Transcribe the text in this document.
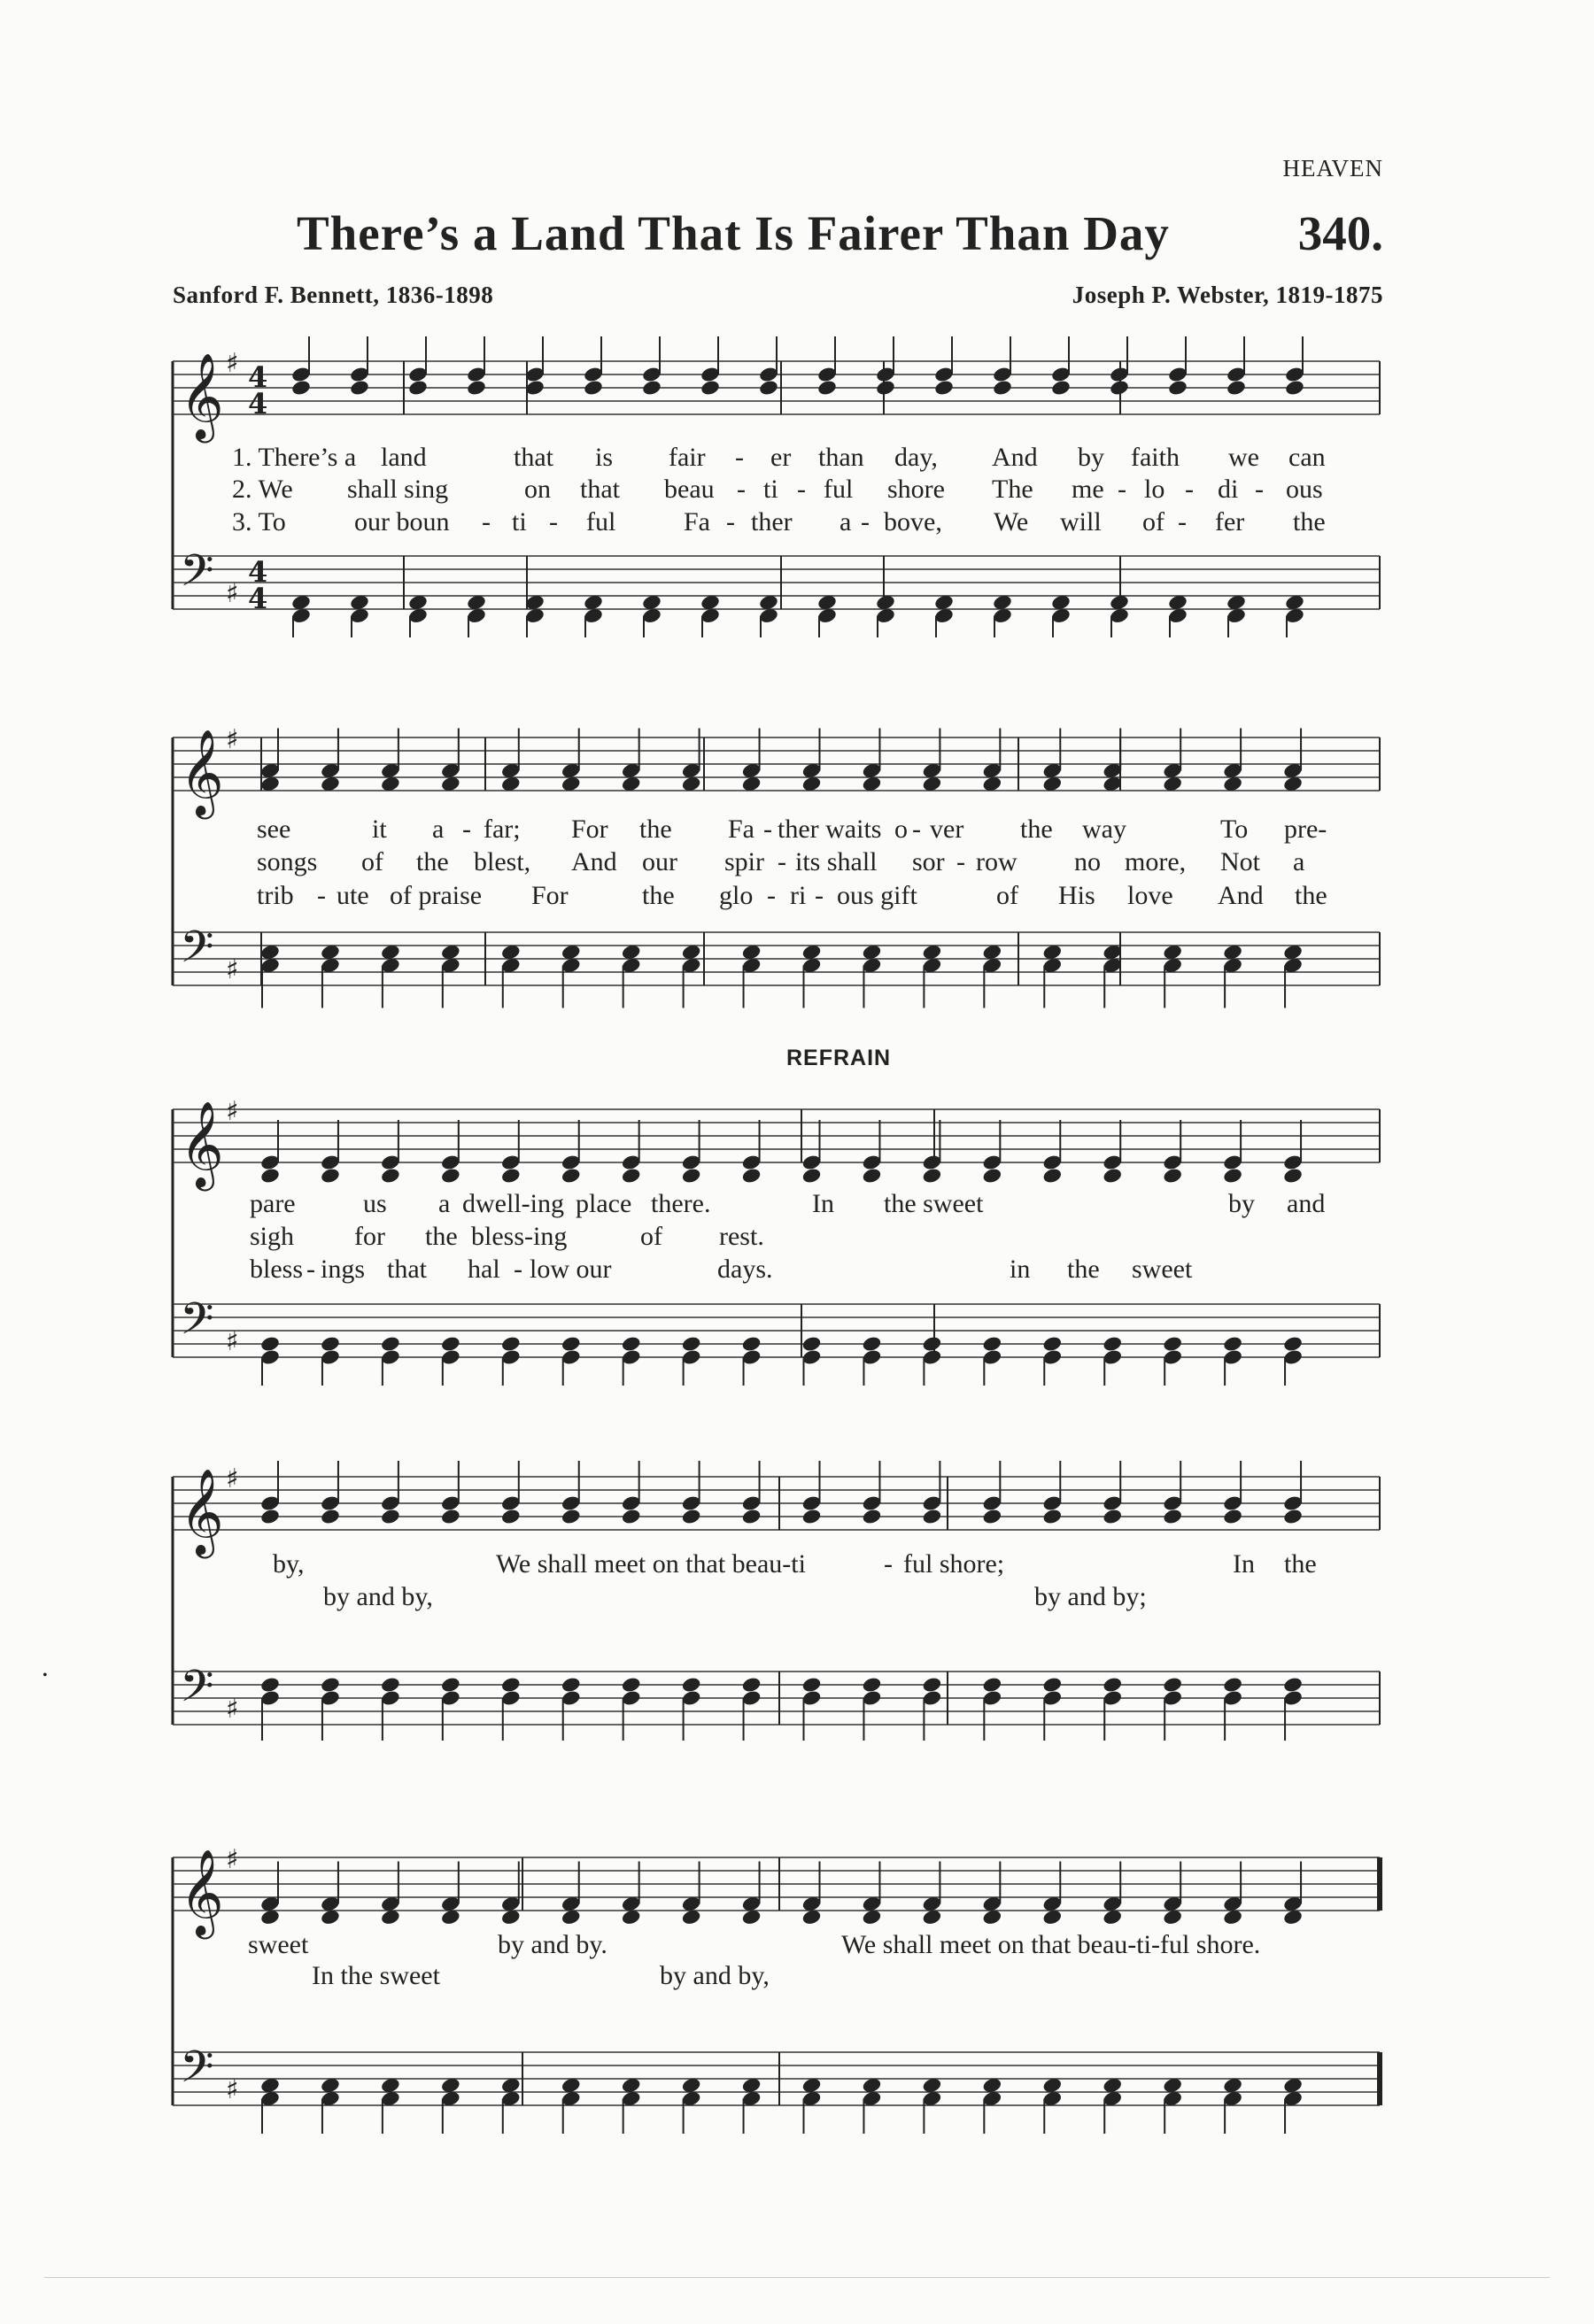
HEAVEN
There’s a Land That Is Fairer Than Day	340.
Sanford F. Bennett, 1836-1898	Joseph P. Webster, 1819-1875
REFRAIN
𝄞 ♯ 4
4
𝄢 ♯
4
4
1. There’s a land	that is fair - er than day, And by faith we can
2. We shall sing	on that beau - ti - ful shore The me - lo - di - ous
3. To	our boun - ti - ful	Fa - ther a - bove, We will of - fer the
𝄞 ♯
𝄢 ♯
see	it a - far; For the Fa - ther waits o - ver the way	To pre-
songs of the blest, And our spir - its shall sor - row no more, Not a
trib - ute of praise For	the glo - ri - ous gift	of His love And the
𝄞 ♯
𝄢 ♯
pare	us a dwell-ing place there.	In the sweet	by and
sigh for the bless-ing	of rest.
bless - ings that hal - low our	days.	in the sweet
𝄞 ♯
𝄢 ♯
by,	We shall meet on that beau-ti	- ful shore;	In the
by and by,	by and by;
𝄞 ♯
𝄢 ♯
sweet	by and by.	We shall meet on that beau-ti-ful shore.
In the sweet	by and by,
•
